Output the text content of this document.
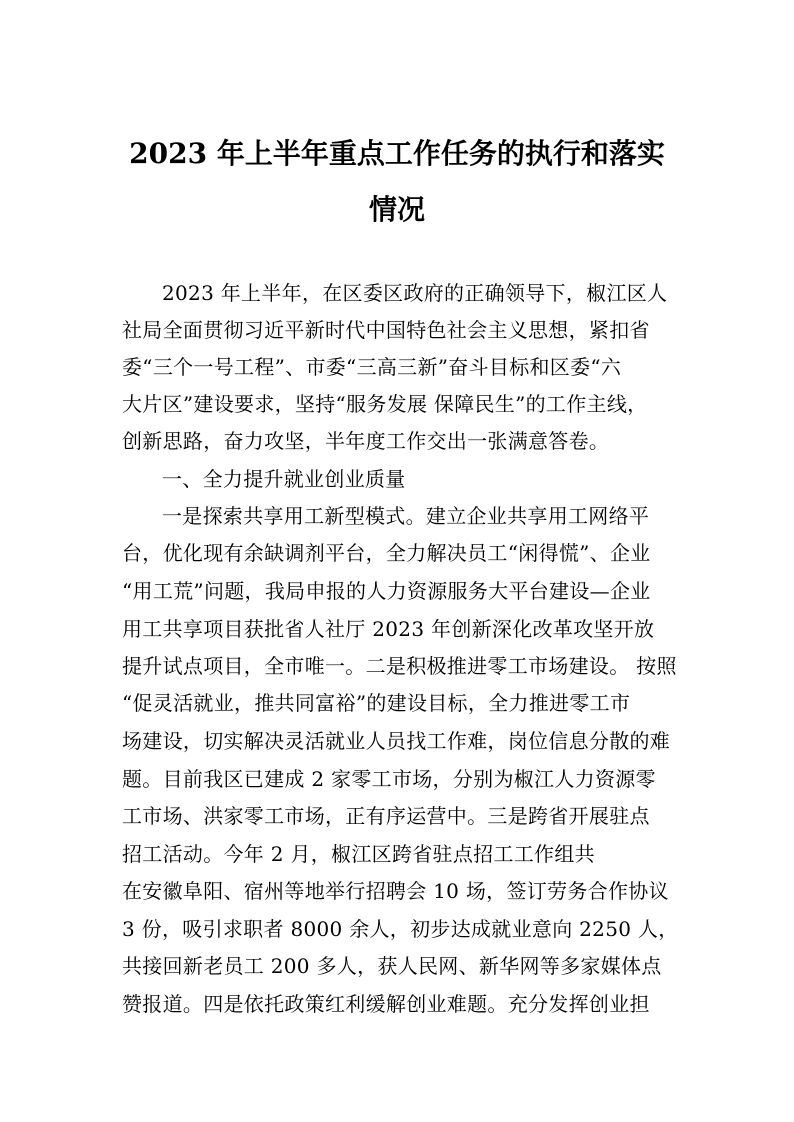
2023 年上半年重点工作任务的执行和落实
情况
2023 年上半年，在区委区政府的正确领导下，椒江区人
社局全面贯彻习近平新时代中国特色社会主义思想，紧扣省
委“三个一号工程”、市委“三高三新”奋斗目标和区委“六
大片区”建设要求，坚持“服务发展 保障民生”的工作主线，
创新思路，奋力攻坚，半年度工作交出一张满意答卷。
一、全力提升就业创业质量
一是探索共享用工新型模式。建立企业共享用工网络平
台，优化现有余缺调剂平台，全力解决员工“闲得慌”、企业
“用工荒”问题，我局申报的人力资源服务大平台建设—企业
用工共享项目获批省人社厅 2023 年创新深化改革攻坚开放
提升试点项目，全市唯一。二是积极推进零工市场建设。 按照
“促灵活就业，推共同富裕”的建设目标，全力推进零工市
场建设，切实解决灵活就业人员找工作难，岗位信息分散的难
题。目前我区已建成 2 家零工市场，分别为椒江人力资源零
工市场、洪家零工市场，正有序运营中。三是跨省开展驻点
招工活动。今年 2 月，椒江区跨省驻点招工工作组共
在安徽阜阳、宿州等地举行招聘会 10 场，签订劳务合作协议
3 份，吸引求职者 8000 余人，初步达成就业意向 2250 人，
共接回新老员工 200 多人，获人民网、新华网等多家媒体点
赞报道。四是依托政策红利缓解创业难题。充分发挥创业担
